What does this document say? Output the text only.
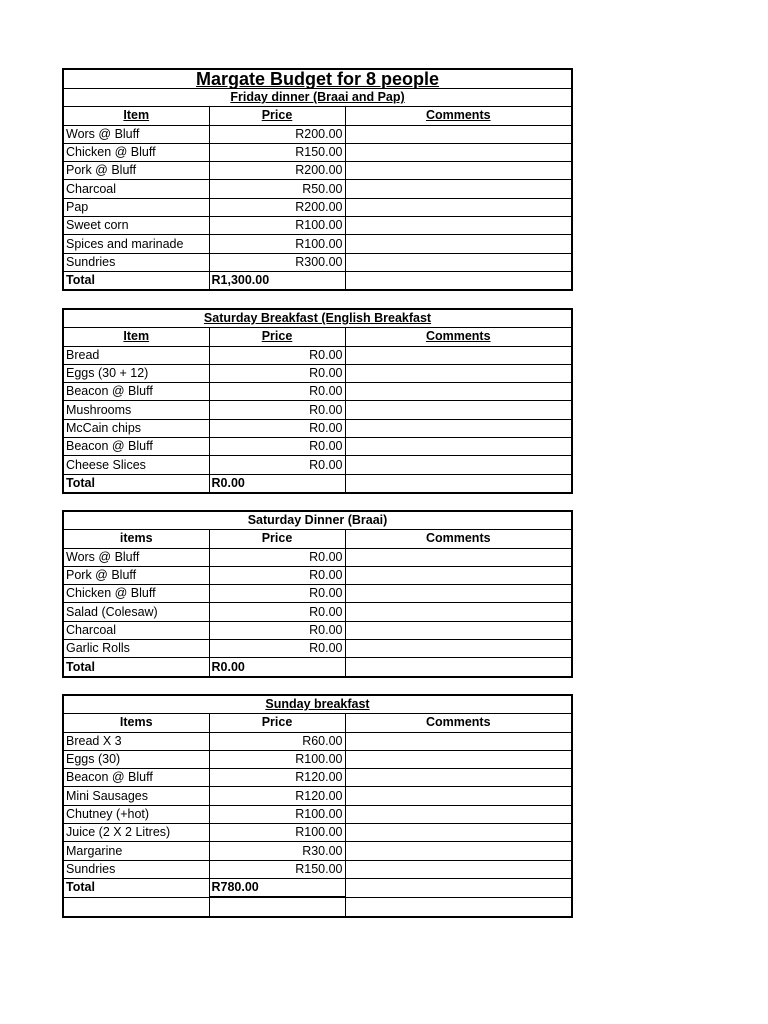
Margate Budget for 8 people		
Friday dinner (Braai and Pap)		
Item	Price	Comments
Wors @ Bluff	R200.00	
Chicken @ Bluff	R150.00	
Pork @ Bluff	R200.00	
Charcoal	R50.00	
Pap	R200.00	
Sweet corn	R100.00	
Spices and marinade	R100.00	
Sundries	R300.00	
Total	R1,300.00	
Saturday Breakfast (English Breakfast		
Item	Price	Comments
Bread	R0.00	
Eggs (30 + 12)	R0.00	
Beacon @ Bluff	R0.00	
Mushrooms	R0.00	
McCain chips	R0.00	
Beacon @ Bluff	R0.00	
Cheese Slices	R0.00	
Total	R0.00	
Saturday Dinner (Braai)		
items	Price	Comments
Wors @ Bluff	R0.00	
Pork @ Bluff	R0.00	
Chicken @ Bluff	R0.00	
Salad (Colesaw)	R0.00	
Charcoal	R0.00	
Garlic Rolls	R0.00	
Total	R0.00	
Sunday breakfast		
Items	Price	Comments
Bread X 3	R60.00	
Eggs (30)	R100.00	
Beacon @ Bluff	R120.00	
Mini Sausages	R120.00	
Chutney (+hot)	R100.00	
Juice (2 X 2 Litres)	R100.00	
Margarine	R30.00	
Sundries	R150.00	
Total	R780.00	
